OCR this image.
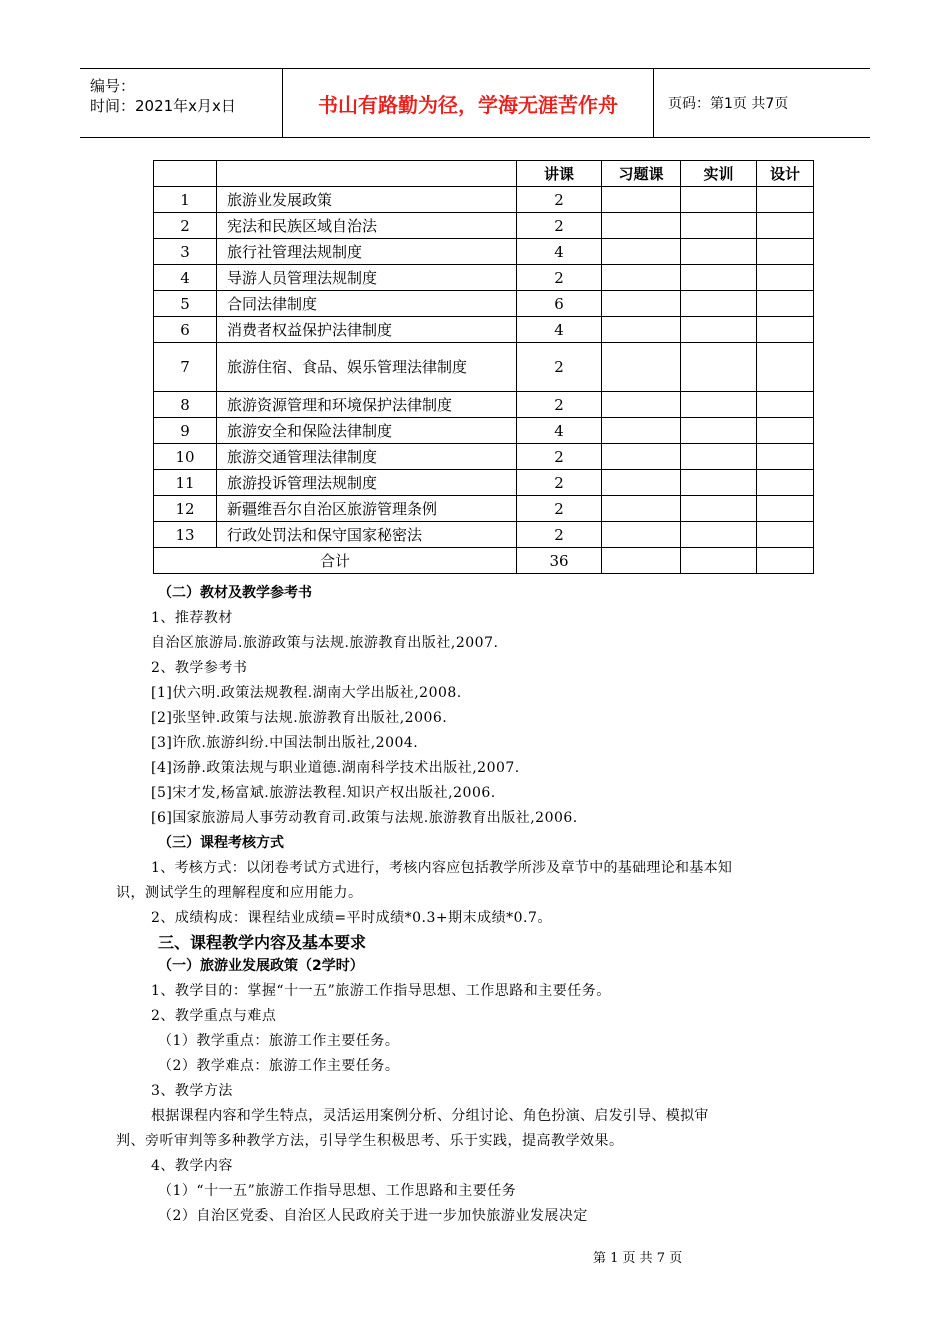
编号：
时间：2021年x月x日	书山有路勤为径，学海无涯苦作舟	页码：第1页 共7页
		讲课	习题课	实训	设计
1	旅游业发展政策	2			
2	宪法和民族区域自治法	2			
3	旅行社管理法规制度	4			
4	导游人员管理法规制度	2			
5	合同法律制度	6			
6	消费者权益保护法律制度	4			
7	旅游住宿、食品、娱乐管理法律制度	2			
8	旅游资源管理和环境保护法律制度	2			
9	旅游安全和保险法律制度	4			
10	旅游交通管理法律制度	2			
11	旅游投诉管理法规制度	2			
12	新疆维吾尔自治区旅游管理条例	2			
13	行政处罚法和保守国家秘密法	2			
合计		36			
（二）教材及教学参考书
1、推荐教材
自治区旅游局.旅游政策与法规.旅游教育出版社,2007.
2、教学参考书
[1]伏六明.政策法规教程.湖南大学出版社,2008.
[2]张坚钟.政策与法规.旅游教育出版社,2006.
[3]许欣.旅游纠纷.中国法制出版社,2004.
[4]汤静.政策法规与职业道德.湖南科学技术出版社,2007.
[5]宋才发,杨富斌.旅游法教程.知识产权出版社,2006.
[6]国家旅游局人事劳动教育司.政策与法规.旅游教育出版社,2006.
（三）课程考核方式
1、考核方式：以闭卷考试方式进行，考核内容应包括教学所涉及章节中的基础理论和基本知
识，测试学生的理解程度和应用能力。
2、成绩构成：课程结业成绩=平时成绩*0.3+期末成绩*0.7。
三、课程教学内容及基本要求
（一）旅游业发展政策（2学时）
1、教学目的：掌握“十一五”旅游工作指导思想、工作思路和主要任务。
2、教学重点与难点
（1）教学重点：旅游工作主要任务。
（2）教学难点：旅游工作主要任务。
3、教学方法
根据课程内容和学生特点，灵活运用案例分析、分组讨论、角色扮演、启发引导、模拟审
判、旁听审判等多种教学方法，引导学生积极思考、乐于实践，提高教学效果。
4、教学内容
（1）“十一五”旅游工作指导思想、工作思路和主要任务
（2）自治区党委、自治区人民政府关于进一步加快旅游业发展决定
第 1 页 共 7 页
